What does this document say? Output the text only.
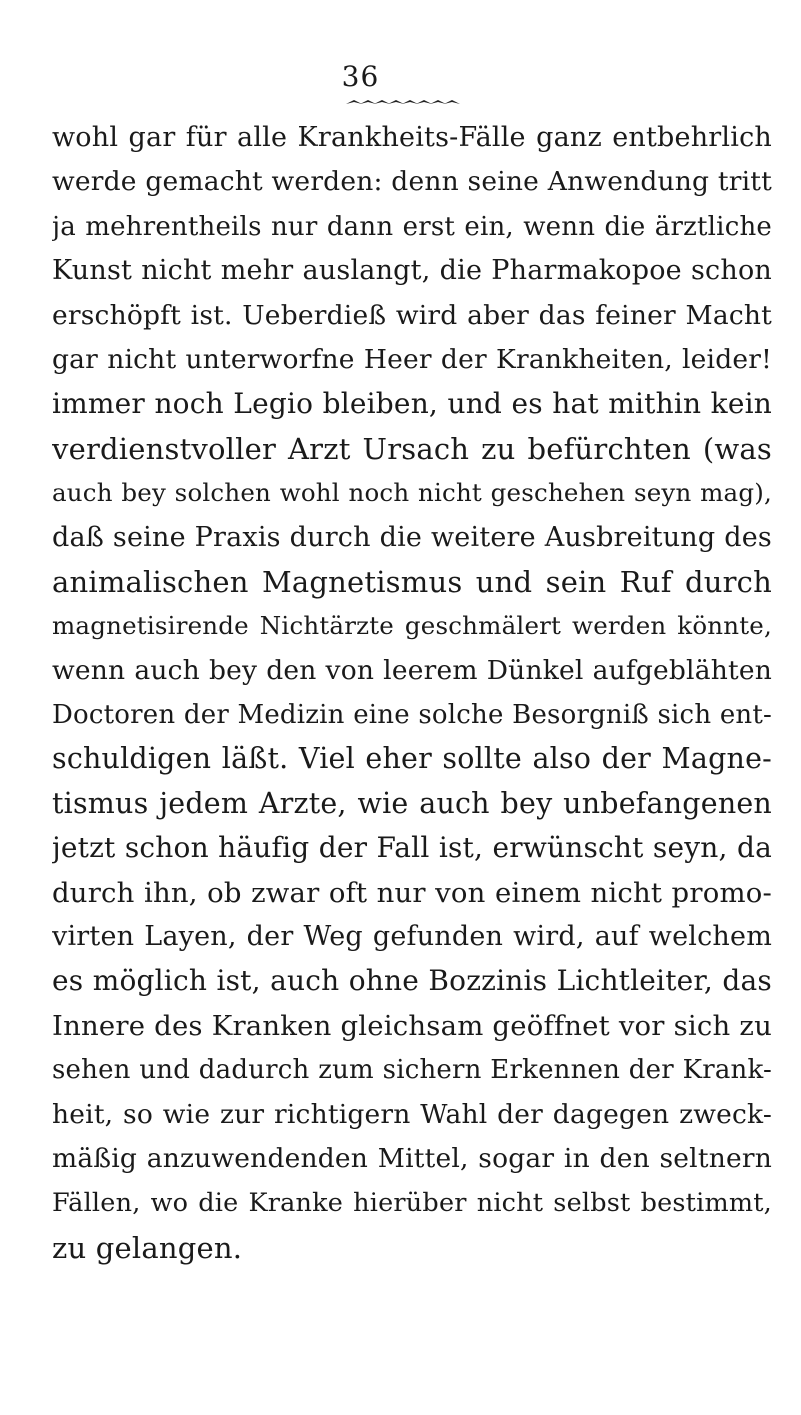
36
wohl gar für alle Krankheits-Fälle ganz entbehrlich
werde gemacht werden: denn seine Anwendung tritt
ja mehrentheils nur dann erst ein, wenn die ärztliche
Kunst nicht mehr auslangt, die Pharmakopoe schon
erschöpft ist. Ueberdieß wird aber das feiner Macht
gar nicht unterworfne Heer der Krankheiten, leider!
immer noch Legio bleiben, und es hat mithin kein
verdienstvoller Arzt Ursach zu befürchten (was
auch bey solchen wohl noch nicht geschehen seyn mag),
daß seine Praxis durch die weitere Ausbreitung des
animalischen Magnetismus und sein Ruf durch
magnetisirende Nichtärzte geschmälert werden könnte,
wenn auch bey den von leerem Dünkel aufgeblähten
Doctoren der Medizin eine solche Besorgniß sich ent-
schuldigen läßt. Viel eher sollte also der Magne-
tismus jedem Arzte, wie auch bey unbefangenen
jetzt schon häufig der Fall ist, erwünscht seyn, da
durch ihn, ob zwar oft nur von einem nicht promo-
virten Layen, der Weg gefunden wird, auf welchem
es möglich ist, auch ohne Bozzinis Lichtleiter, das
Innere des Kranken gleichsam geöffnet vor sich zu
sehen und dadurch zum sichern Erkennen der Krank-
heit, so wie zur richtigern Wahl der dagegen zweck-
mäßig anzuwendenden Mittel, sogar in den seltnern
Fällen, wo die Kranke hierüber nicht selbst bestimmt,
zu gelangen.
